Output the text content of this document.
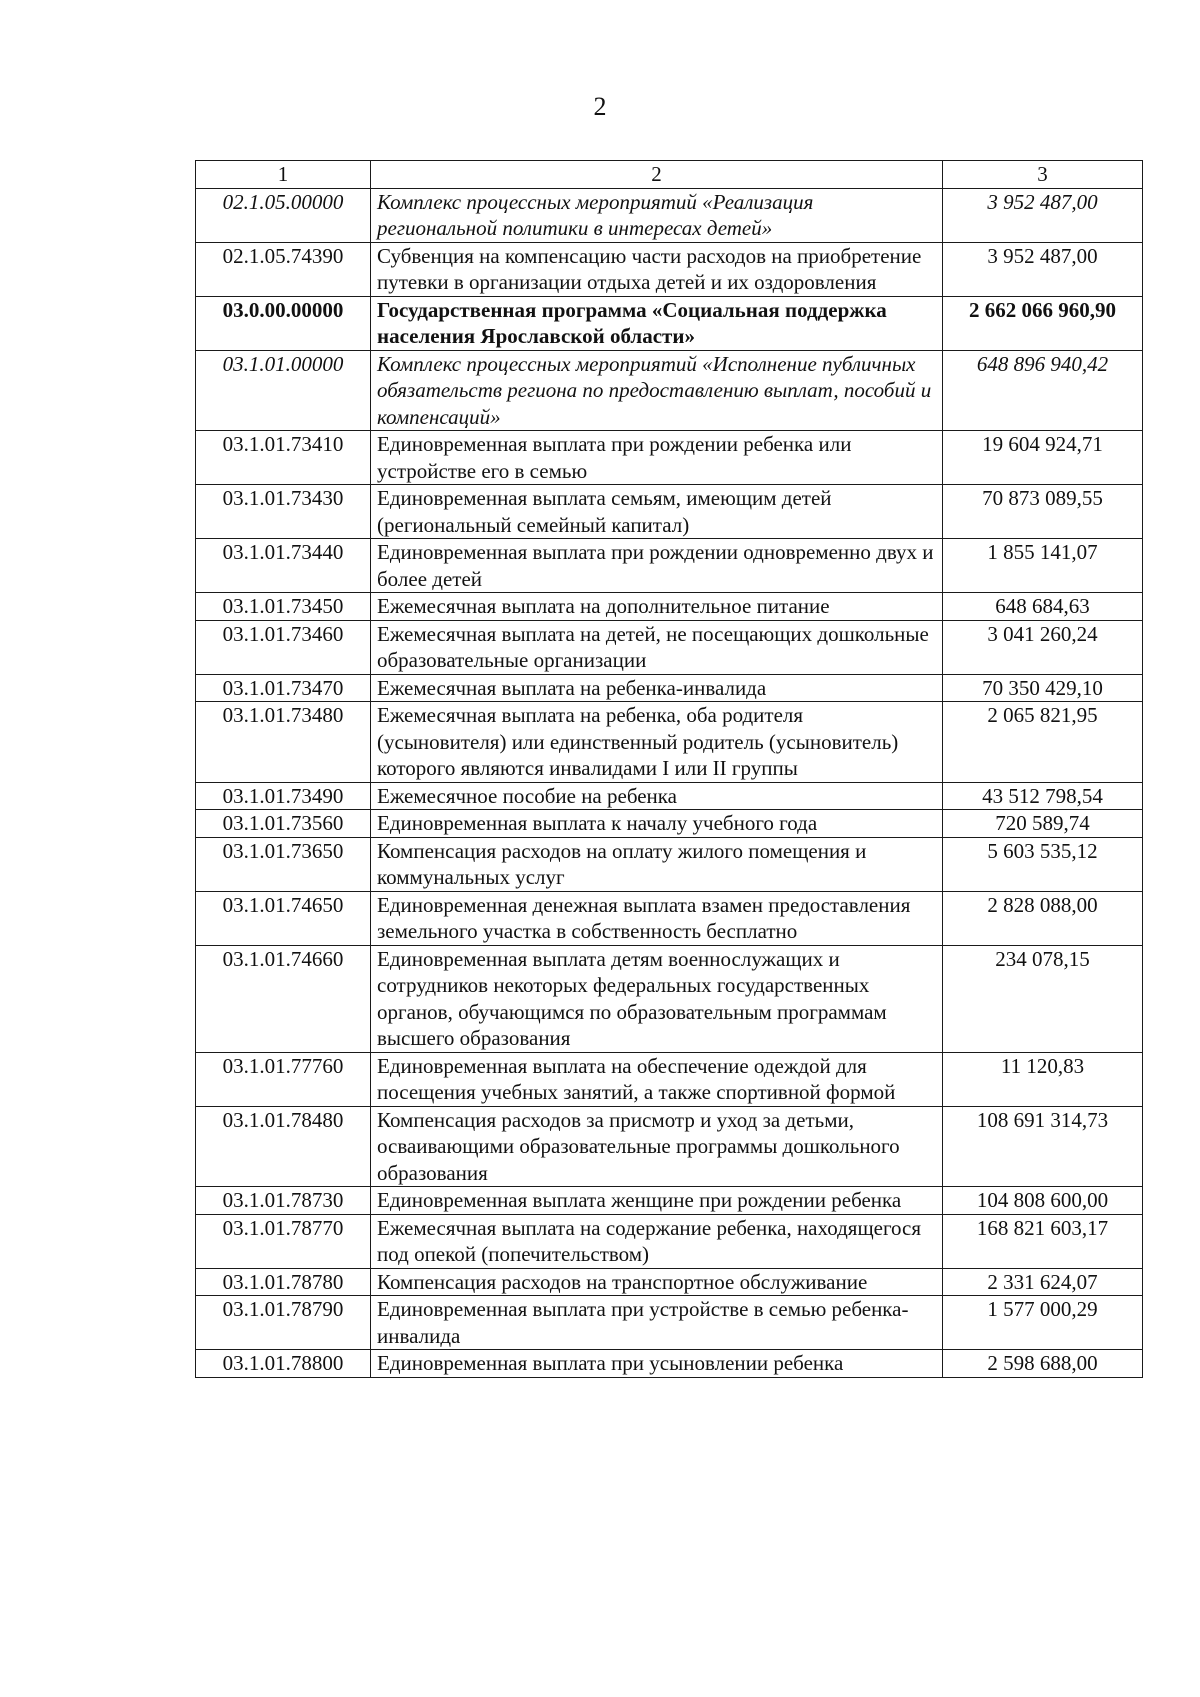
2
1	2	3
02.1.05.00000	Комплекс процессных мероприятий «Реализация региональной политики в интересах детей»	3 952 487,00
02.1.05.74390	Субвенция на компенсацию части расходов на приобретение путевки в организации отдыха детей и их оздоровления	3 952 487,00
03.0.00.00000	Государственная программа «Социальная поддержка населения Ярославской области»	2 662 066 960,90
03.1.01.00000	Комплекс процессных мероприятий «Исполнение публичных обязательств региона по предоставлению выплат, пособий и компенсаций»	648 896 940,42
03.1.01.73410	Единовременная выплата при рождении ребенка или устройстве его в семью	19 604 924,71
03.1.01.73430	Единовременная выплата семьям, имеющим детей (региональный семейный капитал)	70 873 089,55
03.1.01.73440	Единовременная выплата при рождении одновременно двух и более детей	1 855 141,07
03.1.01.73450	Ежемесячная выплата на дополнительное питание	648 684,63
03.1.01.73460	Ежемесячная выплата на детей, не посещающих дошкольные образовательные организации	3 041 260,24
03.1.01.73470	Ежемесячная выплата на ребенка-инвалида	70 350 429,10
03.1.01.73480	Ежемесячная выплата на ребенка, оба родителя (усыновителя) или единственный родитель (усыновитель) которого являются инвалидами I или II группы	2 065 821,95
03.1.01.73490	Ежемесячное пособие на ребенка	43 512 798,54
03.1.01.73560	Единовременная выплата к началу учебного года	720 589,74
03.1.01.73650	Компенсация расходов на оплату жилого помещения и коммунальных услуг	5 603 535,12
03.1.01.74650	Единовременная денежная выплата взамен предоставления земельного участка в собственность бесплатно	2 828 088,00
03.1.01.74660	Единовременная выплата детям военнослужащих и сотрудников некоторых федеральных государственных органов, обучающимся по образовательным программам высшего образования	234 078,15
03.1.01.77760	Единовременная выплата на обеспечение одеждой для посещения учебных занятий, а также спортивной формой	11 120,83
03.1.01.78480	Компенсация расходов за присмотр и уход за детьми, осваивающими образовательные программы дошкольного образования	108 691 314,73
03.1.01.78730	Единовременная выплата женщине при рождении ребенка	104 808 600,00
03.1.01.78770	Ежемесячная выплата на содержание ребенка, находящегося под опекой (попечительством)	168 821 603,17
03.1.01.78780	Компенсация расходов на транспортное обслуживание	2 331 624,07
03.1.01.78790	Единовременная выплата при устройстве в семью ребенка-инвалида	1 577 000,29
03.1.01.78800	Единовременная выплата при усыновлении ребенка	2 598 688,00
